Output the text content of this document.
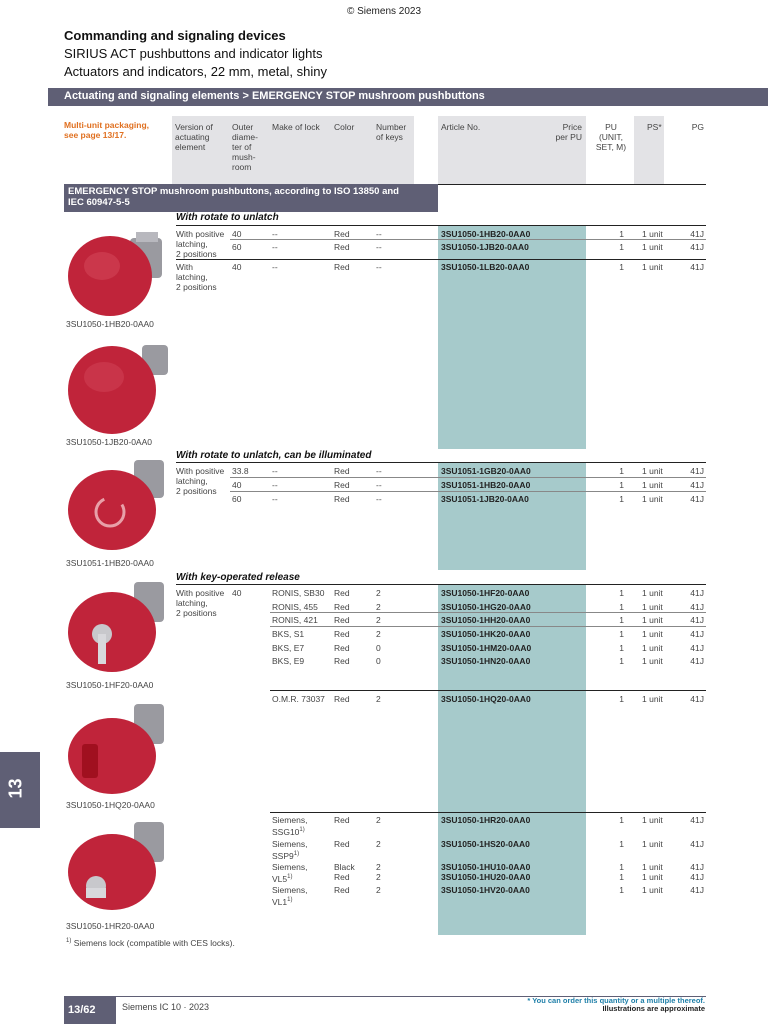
© Siemens 2023
Commanding and signaling devices
SIRIUS ACT pushbuttons and indicator lights
Actuators and indicators, 22 mm, metal, shiny
Actuating and signaling elements > EMERGENCY STOP mushroom pushbuttons
Multi-unit packaging,
see page 13/17.
Version of
actuating
element
Outer
diame-
ter of
mush-
room
Make of lock Color	Number
of keys
Article No.	Price
per PU
PU
(UNIT,
SET, M)
PS*	PG
EMERGENCY STOP mushroom pushbuttons, according to ISO 13850 and
IEC 60947-5-5
With rotate to unlatch
With rotate to unlatch, can be illuminated
With key-operated release
With positive
latching,
2 positions
40	--	Red	--	3SU1050-1HB20-0AA0	1 1 unit	41J
60	--	Red	--	3SU1050-1JB20-0AA0	1 1 unit	41J
With
latching,
2 positions
40	--	Red	--	3SU1050-1LB20-0AA0	1 1 unit	41J
With positive
latching,
2 positions
33.8	--	Red	--	3SU1051-1GB20-0AA0	1 1 unit	41J
40	--	Red	--	3SU1051-1HB20-0AA0	1 1 unit	41J
60	--	Red	--	3SU1051-1JB20-0AA0	1 1 unit	41J
With positive
latching,
2 positions
40	RONIS, SB30 Red	2	3SU1050-1HF20-0AA0	1 1 unit	41J
RONIS, 455 Red	2	3SU1050-1HG20-0AA0	1 1 unit	41J
RONIS, 421 Red	2	3SU1050-1HH20-0AA0	1 1 unit	41J
BKS, S1	Red	2	3SU1050-1HK20-0AA0	1 1 unit	41J
BKS, E7	Red	0	3SU1050-1HM20-0AA0	1 1 unit	41J
BKS, E9	Red	0	3SU1050-1HN20-0AA0	1 1 unit	41J
O.M.R. 73037 Red	2	3SU1050-1HQ20-0AA0	1 1 unit	41J
Siemens,
SSG10$^{1)}$
Red	2	3SU1050-1HR20-0AA0	1 1 unit	41J
Siemens,
SSP9$^{1)}$
Red	2	3SU1050-1HS20-0AA0	1 1 unit	41J
Siemens,
VL5$^{1)}$
Black 2	3SU1050-1HU10-0AA0	1 1 unit	41J
Red	2	3SU1050-1HU20-0AA0	1 1 unit	41J
Siemens,
VL1$^{1)}$
Red	2	3SU1050-1HV20-0AA0	1 1 unit	41J
3SU1050-1HB20-0AA0
3SU1050-1JB20-0AA0
3SU1051-1HB20-0AA0
3SU1050-1HF20-0AA0
3SU1050-1HQ20-0AA0
3SU1050-1HR20-0AA0
$^{1)}$ Siemens lock (compatible with CES locks).
13
13/62	Siemens IC 10 · 2023
* You can order this quantity or a multiple thereof.
Illustrations are approximate
